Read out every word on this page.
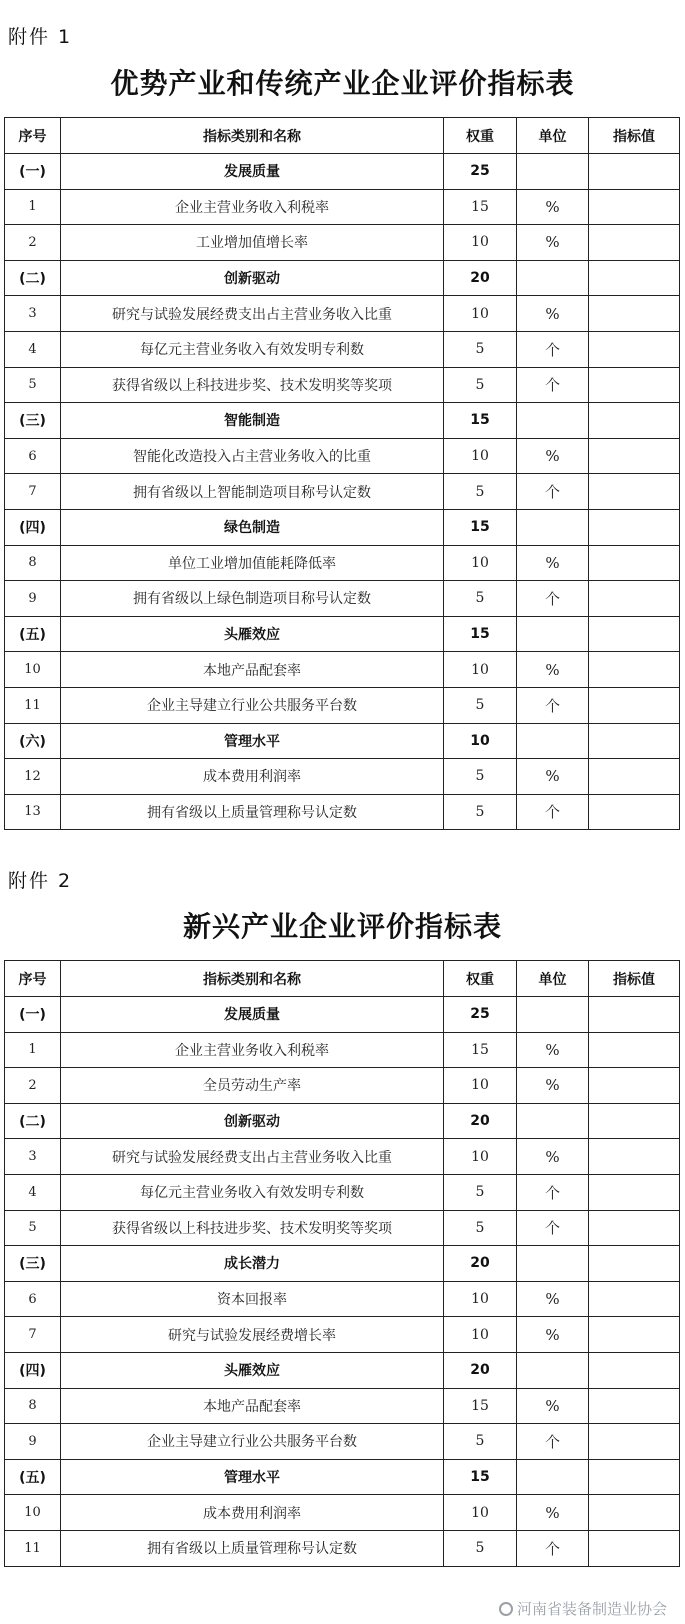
附件 1
优势产业和传统产业企业评价指标表
序号	指标类别和名称	权重	单位	指标值
(一)	发展质量	25		
1	企业主营业务收入利税率	15	%	
2	工业增加值增长率	10	%	
(二)	创新驱动	20		
3	研究与试验发展经费支出占主营业务收入比重	10	%	
4	每亿元主营业务收入有效发明专利数	5	个	
5	获得省级以上科技进步奖、技术发明奖等奖项	5	个	
(三)	智能制造	15		
6	智能化改造投入占主营业务收入的比重	10	%	
7	拥有省级以上智能制造项目称号认定数	5	个	
(四)	绿色制造	15		
8	单位工业增加值能耗降低率	10	%	
9	拥有省级以上绿色制造项目称号认定数	5	个	
(五)	头雁效应	15		
10	本地产品配套率	10	%	
11	企业主导建立行业公共服务平台数	5	个	
(六)	管理水平	10		
12	成本费用利润率	5	%	
13	拥有省级以上质量管理称号认定数	5	个	
附件 2
新兴产业企业评价指标表
序号	指标类别和名称	权重	单位	指标值
(一)	发展质量	25		
1	企业主营业务收入利税率	15	%	
2	全员劳动生产率	10	%	
(二)	创新驱动	20		
3	研究与试验发展经费支出占主营业务收入比重	10	%	
4	每亿元主营业务收入有效发明专利数	5	个	
5	获得省级以上科技进步奖、技术发明奖等奖项	5	个	
(三)	成长潜力	20		
6	资本回报率	10	%	
7	研究与试验发展经费增长率	10	%	
(四)	头雁效应	20		
8	本地产品配套率	15	%	
9	企业主导建立行业公共服务平台数	5	个	
(五)	管理水平	15		
10	成本费用利润率	10	%	
11	拥有省级以上质量管理称号认定数	5	个	
河南省装备制造业协会
